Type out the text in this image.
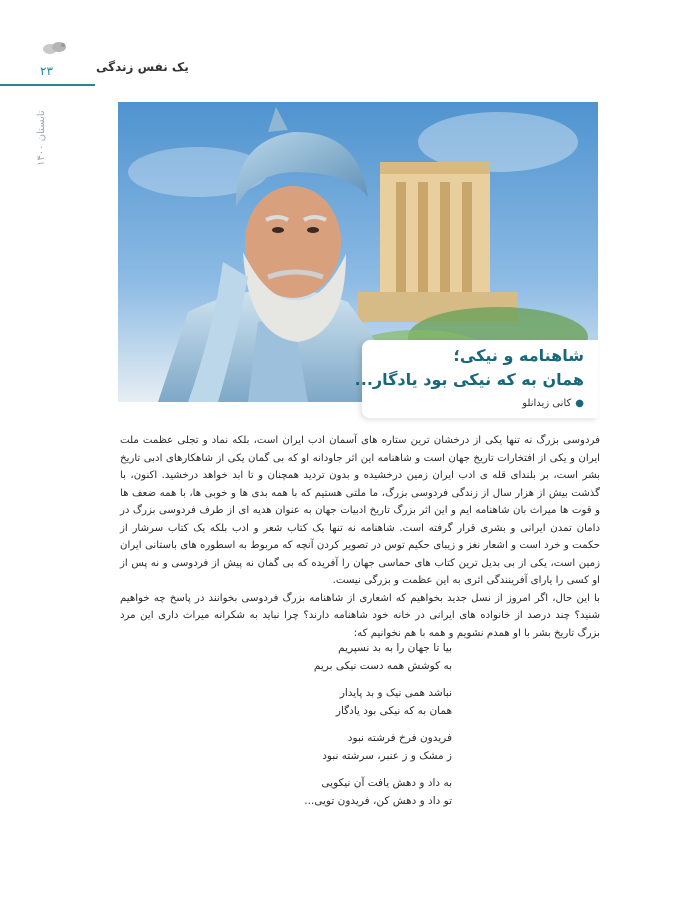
۲۳
تابستان ۱۴۰۰
یک نفس زندگی
شاهنامه و نیکی؛
همان به که نیکی بود یادگار...
●کانی زیدانلو

فردوسی بزرگ نه تنها یکی از درخشان ترین ستاره های آسمان ادب ایران است، بلکه نماد و تجلی عظمت ملت ایران و یکی از افتخارات تاریخ جهان است و شاهنامه این اثر جاودانه او که بی گمان یکی از شاهکارهای ادبی تاریخ بشر است، بر بلندای قله ی ادب ایران زمین درخشیده و بدون تردید همچنان و تا ابد خواهد درخشید. اکنون، با گذشت بیش از هزار سال از زندگی فردوسی بزرگ، ما ملتی هستیم که با همه بدی ها و خوبی ها، با همه ضعف ها و قوت ها میراث بان شاهنامه ایم و این اثر بزرگ تاریخ ادبیات جهان به عنوان هدیه ای از طرف فردوسی بزرگ در دامان تمدن ایرانی و بشری قرار گرفته است. شاهنامه نه تنها یک کتاب شعر و ادب بلکه یک کتاب سرشار از حکمت و خرد است و اشعار نغز و زیبای حکیم توس در تصویر کردن آنچه که مربوط به اسطوره های باستانی ایران زمین است، یکی از بی بدیل ترین کتاب های حماسی جهان را آفریده که بی گمان نه پیش از فردوسی و نه پس از او کسی را یارای آفرینندگی اثری به این عظمت و بزرگی نیست.

با این حال، اگر امروز از نسل جدید بخواهیم که اشعاری از شاهنامه بزرگ فردوسی بخوانند در پاسخ چه خواهیم شنید؟ چند درصد از خانواده های ایرانی در خانه خود شاهنامه دارند؟ چرا نباید به شکرانه میراث داری این مرد بزرگ تاریخ بشر با او همدم نشویم و همه با هم نخوانیم که:

بیا تا جهان را به بد نسپریم
به کوشش همه دست نیکی بریم
نباشد همی نیک و بد پایدار
همان به که نیکی بود یادگار
فریدون فرخ فرشته نبود
ز مشک و ز عنبر، سرشته نبود
به داد و دهش یافت آن نیکویی
تو داد و دهش کن، فریدون تویی...
